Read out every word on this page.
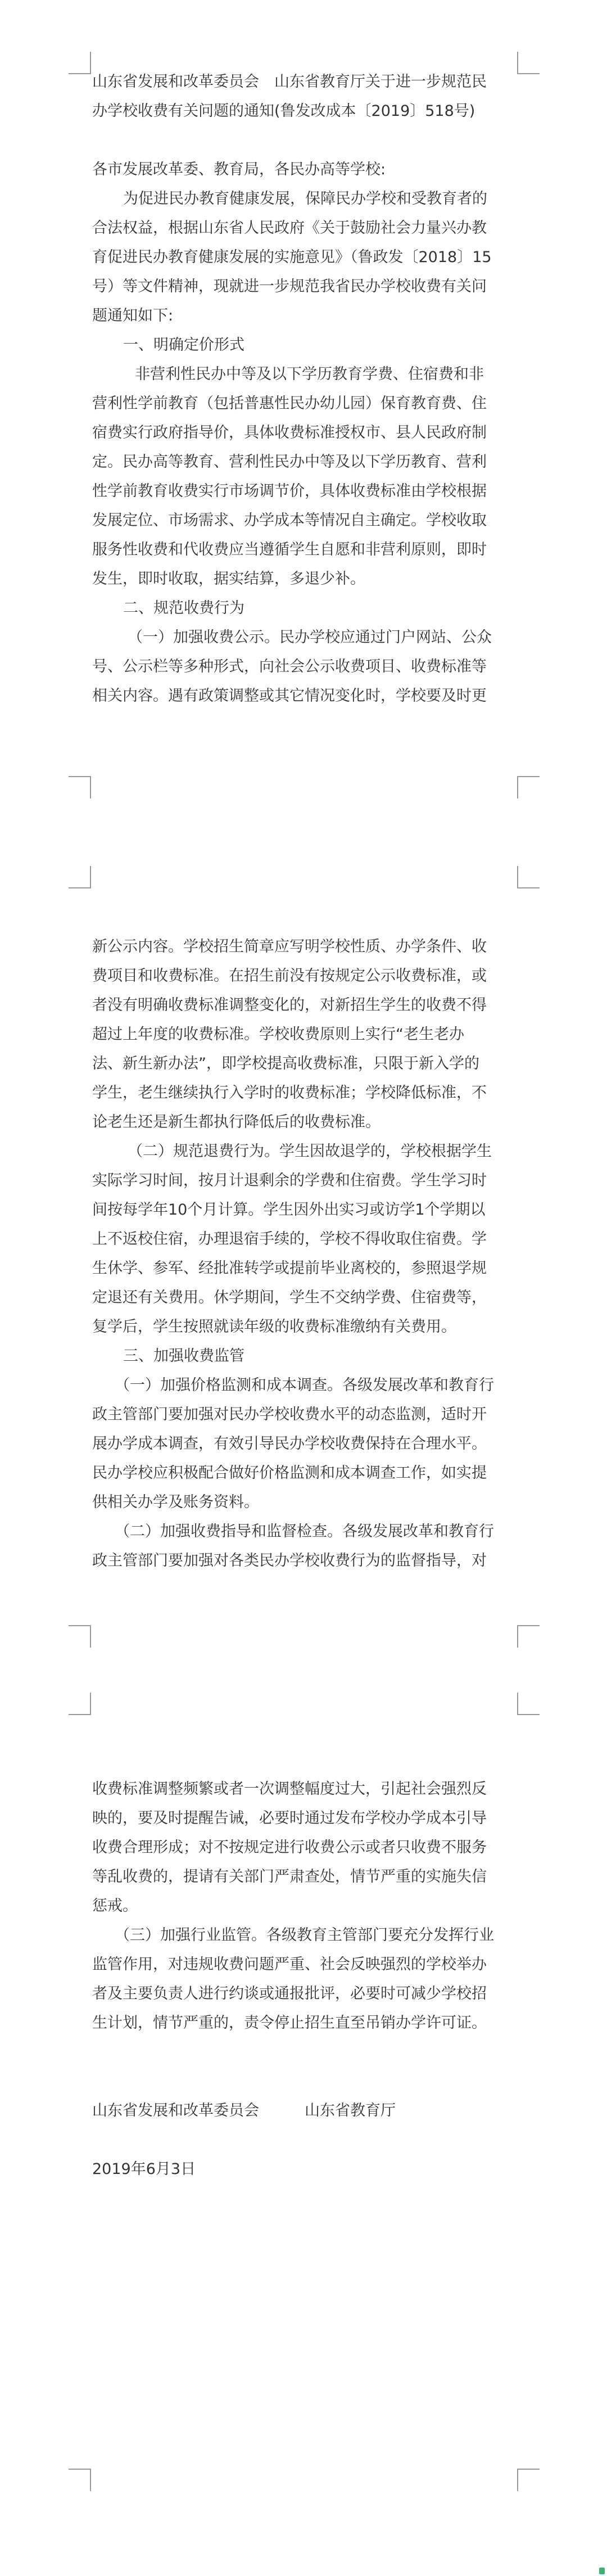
山东省发展和改革委员会　山东省教育厅关于进一步规范民
办学校收费有关问题的通知(鲁发改成本〔2019〕518号)
各市发展改革委、教育局，各民办高等学校:
为促进民办教育健康发展，保障民办学校和受教育者的
合法权益，根据山东省人民政府《关于鼓励社会力量兴办教
育促进民办教育健康发展的实施意见》（鲁政发〔2018〕15
号）等文件精神，现就进一步规范我省民办学校收费有关问
题通知如下:
一、明确定价形式
非营利性民办中等及以下学历教育学费、住宿费和非
营利性学前教育（包括普惠性民办幼儿园）保育教育费、住
宿费实行政府指导价，具体收费标准授权市、县人民政府制
定。民办高等教育、营利性民办中等及以下学历教育、营利
性学前教育收费实行市场调节价，具体收费标准由学校根据
发展定位、市场需求、办学成本等情况自主确定。学校收取
服务性收费和代收费应当遵循学生自愿和非营利原则，即时
发生，即时收取，据实结算，多退少补。
二、规范收费行为
（一）加强收费公示。民办学校应通过门户网站、公众
号、公示栏等多种形式，向社会公示收费项目、收费标准等
相关内容。遇有政策调整或其它情况变化时，学校要及时更
新公示内容。学校招生简章应写明学校性质、办学条件、收
费项目和收费标准。在招生前没有按规定公示收费标准，或
者没有明确收费标准调整变化的，对新招生学生的收费不得
超过上年度的收费标准。学校收费原则上实行“老生老办
法、新生新办法”，即学校提高收费标准，只限于新入学的
学生，老生继续执行入学时的收费标准；学校降低标准，不
论老生还是新生都执行降低后的收费标准。
（二）规范退费行为。学生因故退学的，学校根据学生
实际学习时间，按月计退剩余的学费和住宿费。学生学习时
间按每学年10个月计算。学生因外出实习或访学1个学期以
上不返校住宿，办理退宿手续的，学校不得收取住宿费。学
生休学、参军、经批准转学或提前毕业离校的，参照退学规
定退还有关费用。休学期间，学生不交纳学费、住宿费等，
复学后，学生按照就读年级的收费标准缴纳有关费用。
三、加强收费监管
（一）加强价格监测和成本调查。各级发展改革和教育行
政主管部门要加强对民办学校收费水平的动态监测，适时开
展办学成本调查，有效引导民办学校收费保持在合理水平。
民办学校应积极配合做好价格监测和成本调查工作，如实提
供相关办学及账务资料。
（二）加强收费指导和监督检查。各级发展改革和教育行
政主管部门要加强对各类民办学校收费行为的监督指导，对
收费标准调整频繁或者一次调整幅度过大，引起社会强烈反
映的，要及时提醒告诫，必要时通过发布学校办学成本引导
收费合理形成；对不按规定进行收费公示或者只收费不服务
等乱收费的，提请有关部门严肃查处，情节严重的实施失信
惩戒。
（三）加强行业监管。各级教育主管部门要充分发挥行业
监管作用，对违规收费问题严重、社会反映强烈的学校举办
者及主要负责人进行约谈或通报批评，必要时可减少学校招
生计划，情节严重的，责令停止招生直至吊销办学许可证。
山东省发展和改革委员会　　　山东省教育厅
2019年6月3日
